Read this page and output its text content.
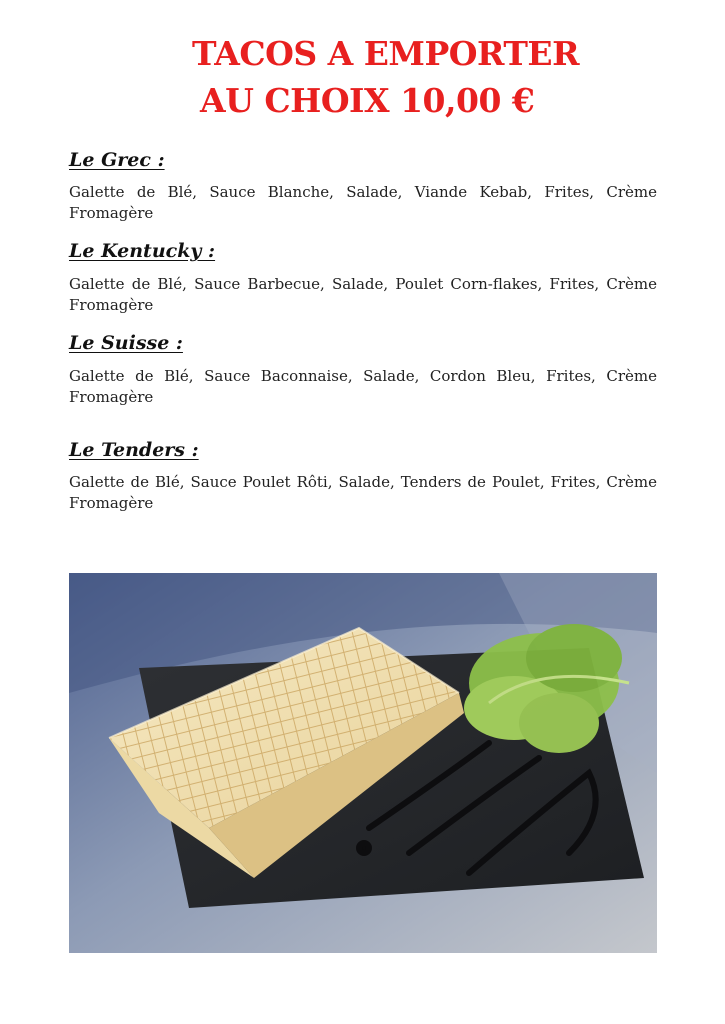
TACOS A EMPORTER
AU CHOIX 10,00 €
Le Grec :
Galette de Blé, Sauce Blanche, Salade, Viande Kebab, Frites, Crème Fromagère
Le Kentucky :
Galette de Blé, Sauce Barbecue, Salade, Poulet Corn-flakes, Frites, Crème Fromagère
Le Suisse :
Galette de Blé, Sauce Baconnaise, Salade, Cordon Bleu, Frites, Crème Fromagère
Le Tenders :
Galette de Blé, Sauce Poulet Rôti, Salade, Tenders de Poulet, Frites, Crème Fromagère
